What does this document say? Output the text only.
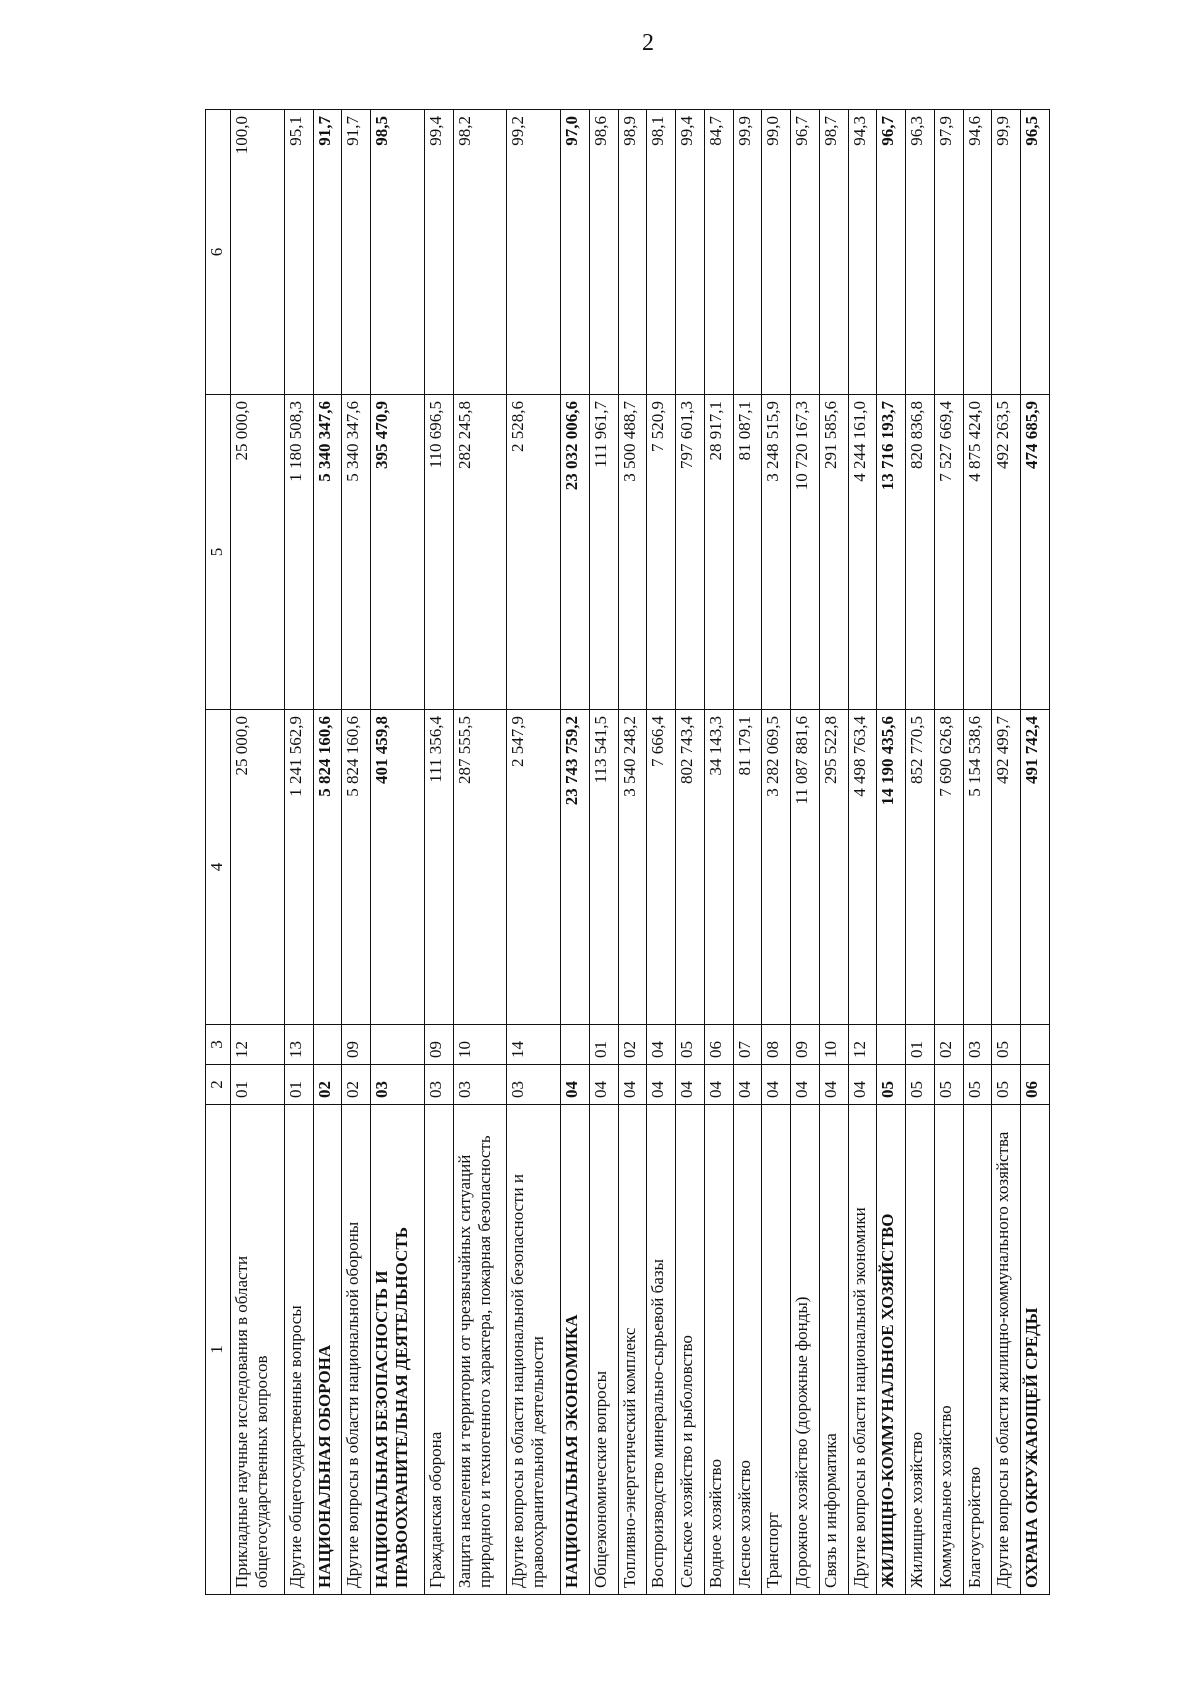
2
1	2	3	4	5	6
Прикладные научные исследования в области общегосударственных вопросов	01	12	25 000,0	25 000,0	100,0
Другие общегосударственные вопросы	01	13	1 241 562,9	1 180 508,3	95,1
НАЦИОНАЛЬНАЯ ОБОРОНА	02		5 824 160,6	5 340 347,6	91,7
Другие вопросы в области национальной обороны	02	09	5 824 160,6	5 340 347,6	91,7
НАЦИОНАЛЬНАЯ БЕЗОПАСНОСТЬ И ПРАВООХРАНИТЕЛЬНАЯ ДЕЯТЕЛЬНОСТЬ	03		401 459,8	395 470,9	98,5
Гражданская оборона	03	09	111 356,4	110 696,5	99,4
Защита населения и территории от чрезвычайных ситуаций природного и техногенного характера, пожарная безопасность	03	10	287 555,5	282 245,8	98,2
Другие вопросы в области национальной безопасности и правоохранительной деятельности	03	14	2 547,9	2 528,6	99,2
НАЦИОНАЛЬНАЯ ЭКОНОМИКА	04		23 743 759,2	23 032 006,6	97,0
Общеэкономические вопросы	04	01	113 541,5	111 961,7	98,6
Топливно-энергетический комплекс	04	02	3 540 248,2	3 500 488,7	98,9
Воспроизводство минерально-сырьевой базы	04	04	7 666,4	7 520,9	98,1
Сельское хозяйство и рыболовство	04	05	802 743,4	797 601,3	99,4
Водное хозяйство	04	06	34 143,3	28 917,1	84,7
Лесное хозяйство	04	07	81 179,1	81 087,1	99,9
Транспорт	04	08	3 282 069,5	3 248 515,9	99,0
Дорожное хозяйство (дорожные фонды)	04	09	11 087 881,6	10 720 167,3	96,7
Связь и информатика	04	10	295 522,8	291 585,6	98,7
Другие вопросы в области национальной экономики	04	12	4 498 763,4	4 244 161,0	94,3
ЖИЛИЩНО-КОММУНАЛЬНОЕ ХОЗЯЙСТВО	05		14 190 435,6	13 716 193,7	96,7
Жилищное хозяйство	05	01	852 770,5	820 836,8	96,3
Коммунальное хозяйство	05	02	7 690 626,8	7 527 669,4	97,9
Благоустройство	05	03	5 154 538,6	4 875 424,0	94,6
Другие вопросы в области жилищно-коммунального хозяйства	05	05	492 499,7	492 263,5	99,9
ОХРАНА ОКРУЖАЮЩЕЙ СРЕДЫ	06		491 742,4	474 685,9	96,5
